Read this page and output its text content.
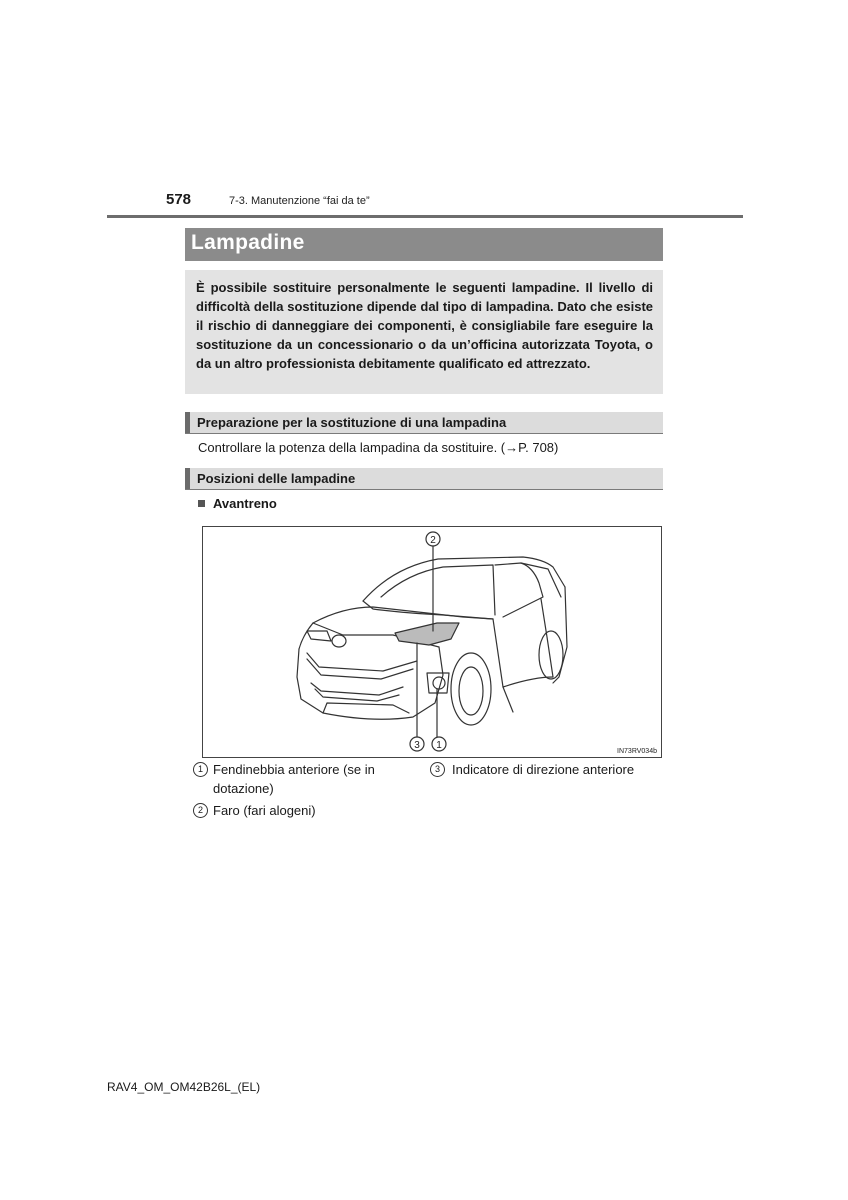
578	7-3. Manutenzione “fai da te”
Lampadine

È possibile sostituire personalmente le seguenti lampadine. Il livello di difficoltà della sostituzione dipende dal tipo di lampadina. Dato che esiste il rischio di danneggiare dei componenti, è consigliabile fare eseguire la sostituzione da un concessionario o da un’officina autorizzata Toyota, o da un altro professionista debitamente qualificato ed attrezzato.

Preparazione per la sostituzione di una lampadina
Controllare la potenza della lampadina da sostituire. (→P. 708)
Posizioni delle lampadine
Avantreno
2
3 1
IN73RV034b
1 Fendinebbia anteriore (se in dotazione)
3 Indicatore di direzione anteriore
2 Faro (fari alogeni)
RAV4_OM_OM42B26L_(EL)
